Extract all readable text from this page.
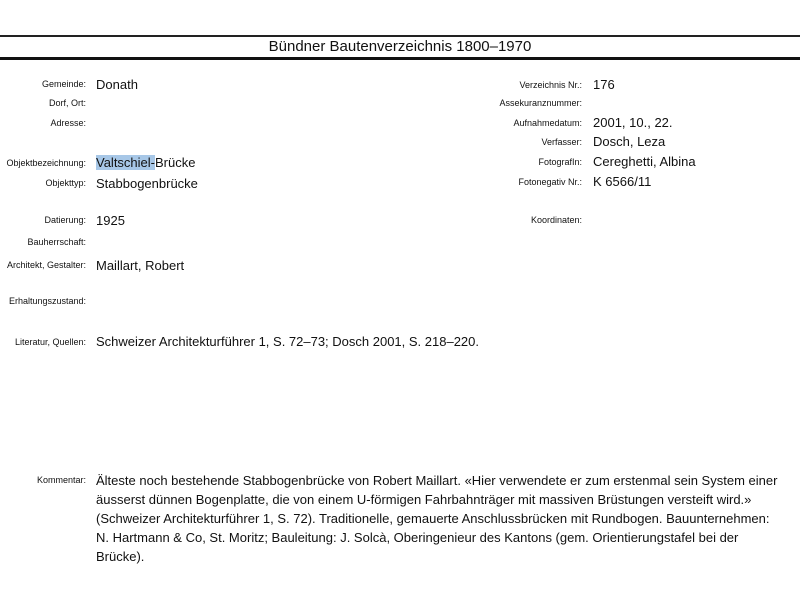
Bündner Bautenverzeichnis 1800–1970
Gemeinde: Donath
Dorf, Ort:
Adresse:
Objektbezeichnung: Valtschiel-Brücke
Objekttyp: Stabbogenbrücke
Datierung: 1925
Bauherrschaft:
Architekt, Gestalter: Maillart, Robert
Erhaltungszustand:
Literatur, Quellen: Schweizer Architekturführer 1, S. 72–73; Dosch 2001, S. 218–220.
Kommentar: Älteste noch bestehende Stabbogenbrücke von Robert Maillart. «Hier verwendete er zum erstenmal sein System einer äusserst dünnen Bogenplatte, die von einem U-förmigen Fahrbahnträger mit massiven Brüstungen versteift wird.» (Schweizer Architekturführer 1, S. 72). Traditionelle, gemauerte Anschlussbrücken mit Rundbogen. Bauunternehmen: N. Hartmann & Co, St. Moritz; Bauleitung: J. Solcà, Oberingenieur des Kantons (gem. Orientierungstafel bei der Brücke).
Verzeichnis Nr.: 176
Assekuranznummer:
Aufnahmedatum: 2001, 10., 22.
Verfasser: Dosch, Leza
FotografIn: Cereghetti, Albina
Fotonegativ Nr.: K 6566/11
Koordinaten:
